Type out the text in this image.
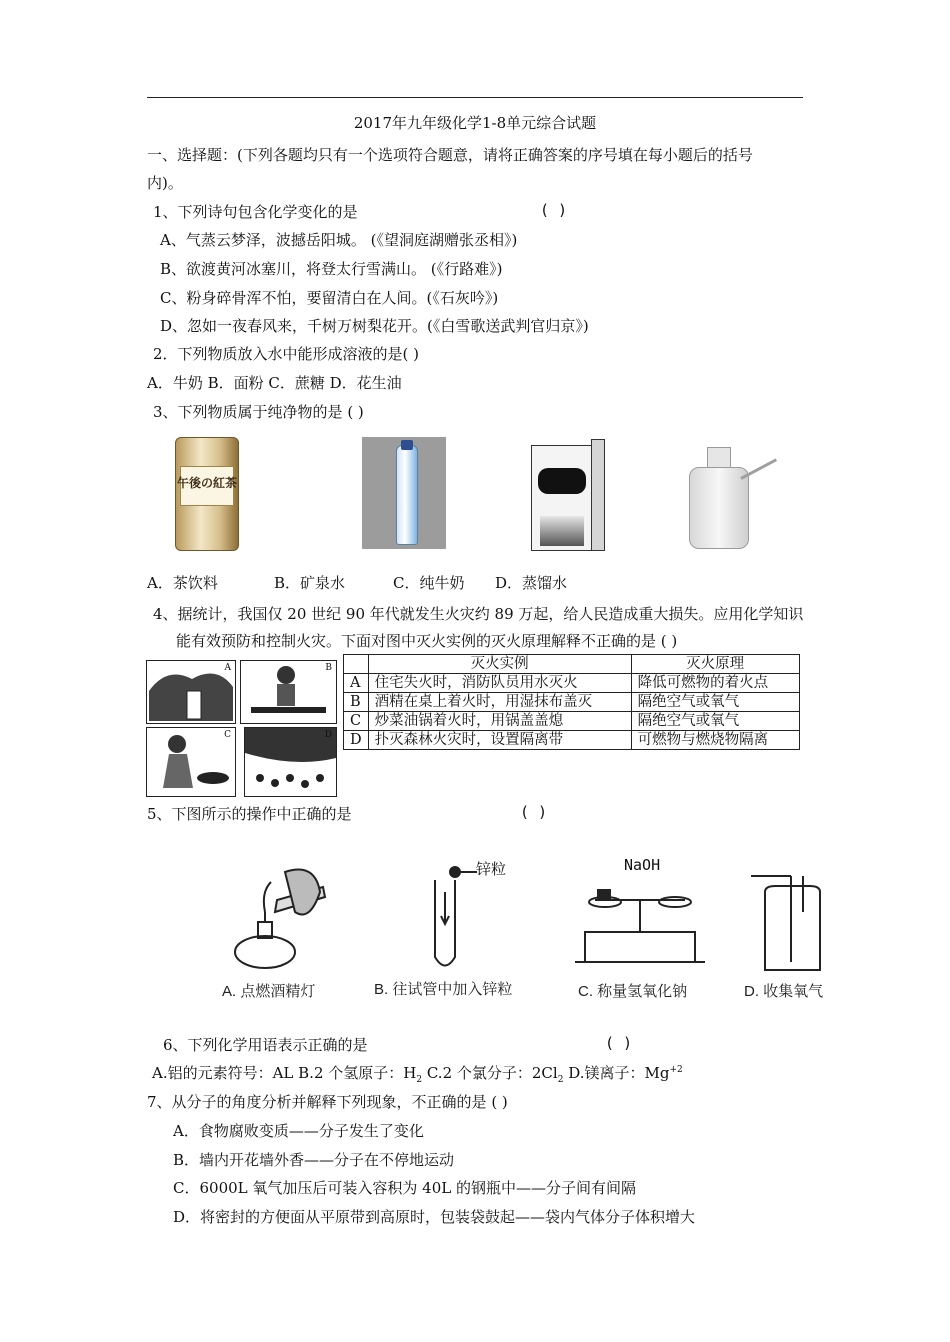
2017年九年级化学1-8单元综合试题
一、选择题：(下列各题均只有一个选项符合题意，请将正确答案的序号填在每小题后的括号
内)。
1、下列诗句包含化学变化的是	( )
A、气蒸云梦泽，波撼岳阳城。 (《望洞庭湖赠张丞相》)
B、欲渡黄河冰塞川，将登太行雪满山。 (《行路难》)
C、粉身碎骨浑不怕，要留清白在人间。(《石灰吟》)
D、忽如一夜春风来，千树万树梨花开。(《白雪歌送武判官归京》)
2．下列物质放入水中能形成溶液的是( )
A．牛奶 B．面粉 C．蔗糖 D．花生油
3、下列物质属于纯净物的是 ( )
午後の紅茶
A．茶饮料	B．矿泉水	C．纯牛奶 D．蒸馏水
4、据统计，我国仅 20 世纪 90 年代就发生火灾约 89 万起，给人民造成重大损失。应用化学知识
能有效预防和控制火灾。下面对图中灭火实例的灭火原理解释不正确的是 ( )
A	B
C	D
	灭火实例	灭火原理
A	住宅失火时，消防队员用水灭火	降低可燃物的着火点
B	酒精在桌上着火时，用湿抹布盖灭	隔绝空气或氧气
C	炒菜油锅着火时，用锅盖盖熄	隔绝空气或氧气
D	扑灭森林火灾时，设置隔离带	可燃物与燃烧物隔离
5、下图所示的操作中正确的是	( )
锌粒	NaOH
A. 点燃酒精灯	B. 往试管中加入锌粒	C. 称量氢氧化钠	D. 收集氧气
6、下列化学用语表示正确的是	( )
A.铝的元素符号：AL B.2 个氢原子：$H_2$ C.2 个氯分子：$2Cl_2$ D.镁离子：$Mg^{+2}$
7、从分子的角度分析并解释下列现象，不正确的是 ( )
A．食物腐败变质——分子发生了变化
B．墙内开花墙外香——分子在不停地运动
C．6000L 氧气加压后可装入容积为 40L 的钢瓶中——分子间有间隔
D．将密封的方便面从平原带到高原时，包装袋鼓起——袋内气体分子体积增大
